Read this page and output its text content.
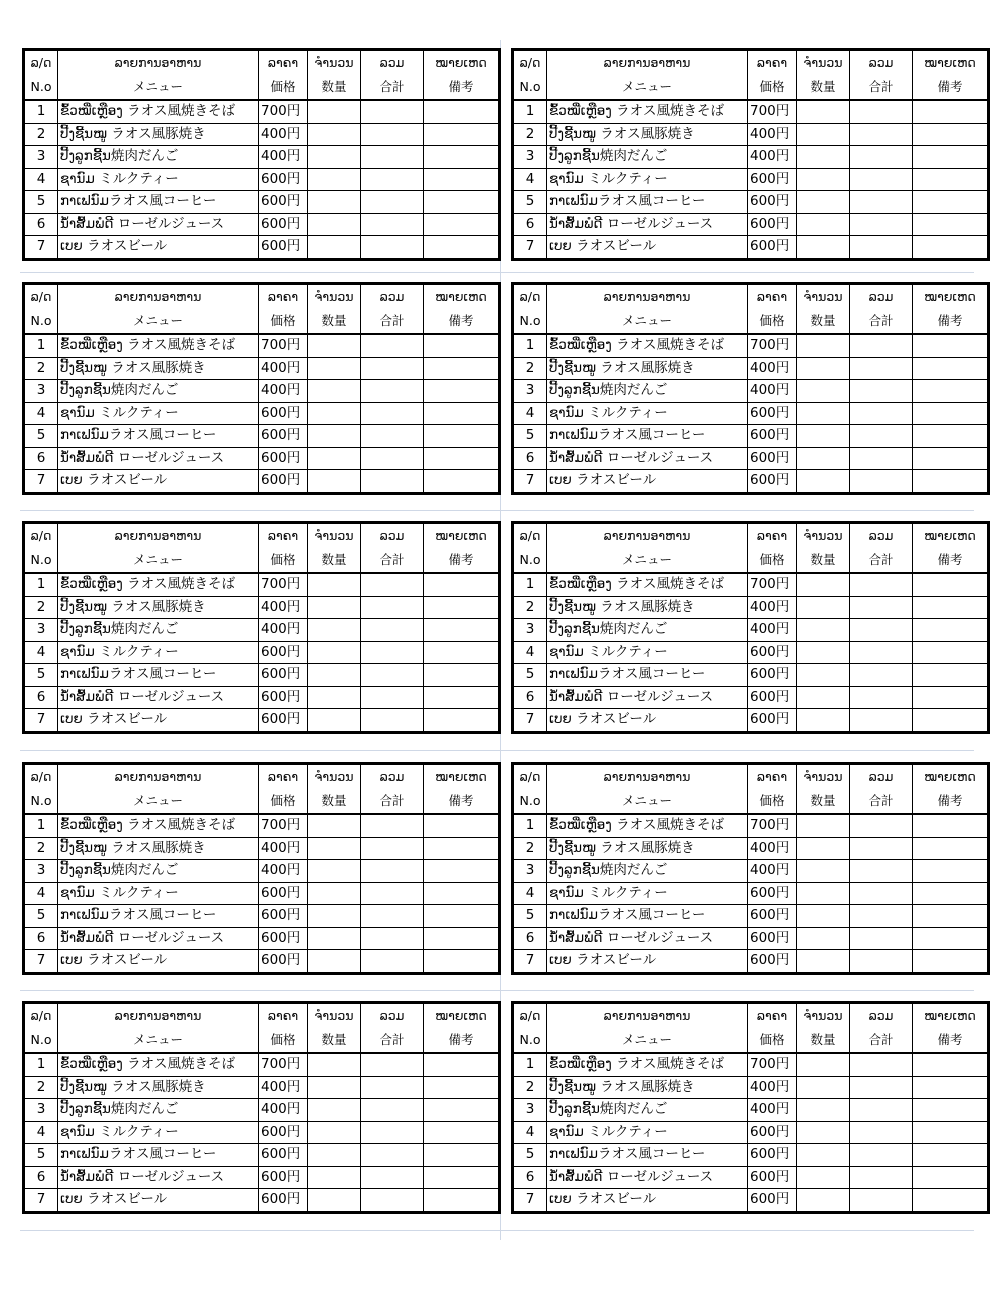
ລ/ດ	ລາຍການອາຫານ	ລາຄາ	ຈຳນວນ	ລວມ	ໝາຍເຫດ
N.o	メニュー	価格	数量	合計	備考
1	ຂົ້ວໝີ່ເຫຼືອງ ラオス風焼きそば	700円			
2	ປີ້ງຊີ້ນໝູ ラオス風豚焼き	400円			
3	ປີ້ງລູກຊີ້ນ焼肉だんご	400円			
4	ຊານົມ ミルクティー	600円			
5	ກາເຟນົມラオス風コーヒー	600円			
6	ນ້ຳສົ້ມພໍດີ ローゼルジュース	600円			
7	ເບຍ ラオスビール	600円			
ລ/ດ	ລາຍການອາຫານ	ລາຄາ	ຈຳນວນ	ລວມ	ໝາຍເຫດ
N.o	メニュー	価格	数量	合計	備考
1	ຂົ້ວໝີ່ເຫຼືອງ ラオス風焼きそば	700円			
2	ປີ້ງຊີ້ນໝູ ラオス風豚焼き	400円			
3	ປີ້ງລູກຊີ້ນ焼肉だんご	400円			
4	ຊານົມ ミルクティー	600円			
5	ກາເຟນົມラオス風コーヒー	600円			
6	ນ້ຳສົ້ມພໍດີ ローゼルジュース	600円			
7	ເບຍ ラオスビール	600円			
ລ/ດ	ລາຍການອາຫານ	ລາຄາ	ຈຳນວນ	ລວມ	ໝາຍເຫດ
N.o	メニュー	価格	数量	合計	備考
1	ຂົ້ວໝີ່ເຫຼືອງ ラオス風焼きそば	700円			
2	ປີ້ງຊີ້ນໝູ ラオス風豚焼き	400円			
3	ປີ້ງລູກຊີ້ນ焼肉だんご	400円			
4	ຊານົມ ミルクティー	600円			
5	ກາເຟນົມラオス風コーヒー	600円			
6	ນ້ຳສົ້ມພໍດີ ローゼルジュース	600円			
7	ເບຍ ラオスビール	600円			
ລ/ດ	ລາຍການອາຫານ	ລາຄາ	ຈຳນວນ	ລວມ	ໝາຍເຫດ
N.o	メニュー	価格	数量	合計	備考
1	ຂົ້ວໝີ່ເຫຼືອງ ラオス風焼きそば	700円			
2	ປີ້ງຊີ້ນໝູ ラオス風豚焼き	400円			
3	ປີ້ງລູກຊີ້ນ焼肉だんご	400円			
4	ຊານົມ ミルクティー	600円			
5	ກາເຟນົມラオス風コーヒー	600円			
6	ນ້ຳສົ້ມພໍດີ ローゼルジュース	600円			
7	ເບຍ ラオスビール	600円			
ລ/ດ	ລາຍການອາຫານ	ລາຄາ	ຈຳນວນ	ລວມ	ໝາຍເຫດ
N.o	メニュー	価格	数量	合計	備考
1	ຂົ້ວໝີ່ເຫຼືອງ ラオス風焼きそば	700円			
2	ປີ້ງຊີ້ນໝູ ラオス風豚焼き	400円			
3	ປີ້ງລູກຊີ້ນ焼肉だんご	400円			
4	ຊານົມ ミルクティー	600円			
5	ກາເຟນົມラオス風コーヒー	600円			
6	ນ້ຳສົ້ມພໍດີ ローゼルジュース	600円			
7	ເບຍ ラオスビール	600円			
ລ/ດ	ລາຍການອາຫານ	ລາຄາ	ຈຳນວນ	ລວມ	ໝາຍເຫດ
N.o	メニュー	価格	数量	合計	備考
1	ຂົ້ວໝີ່ເຫຼືອງ ラオス風焼きそば	700円			
2	ປີ້ງຊີ້ນໝູ ラオス風豚焼き	400円			
3	ປີ້ງລູກຊີ້ນ焼肉だんご	400円			
4	ຊານົມ ミルクティー	600円			
5	ກາເຟນົມラオス風コーヒー	600円			
6	ນ້ຳສົ້ມພໍດີ ローゼルジュース	600円			
7	ເບຍ ラオスビール	600円			
ລ/ດ	ລາຍການອາຫານ	ລາຄາ	ຈຳນວນ	ລວມ	ໝາຍເຫດ
N.o	メニュー	価格	数量	合計	備考
1	ຂົ້ວໝີ່ເຫຼືອງ ラオス風焼きそば	700円			
2	ປີ້ງຊີ້ນໝູ ラオス風豚焼き	400円			
3	ປີ້ງລູກຊີ້ນ焼肉だんご	400円			
4	ຊານົມ ミルクティー	600円			
5	ກາເຟນົມラオス風コーヒー	600円			
6	ນ້ຳສົ້ມພໍດີ ローゼルジュース	600円			
7	ເບຍ ラオスビール	600円			
ລ/ດ	ລາຍການອາຫານ	ລາຄາ	ຈຳນວນ	ລວມ	ໝາຍເຫດ
N.o	メニュー	価格	数量	合計	備考
1	ຂົ້ວໝີ່ເຫຼືອງ ラオス風焼きそば	700円			
2	ປີ້ງຊີ້ນໝູ ラオス風豚焼き	400円			
3	ປີ້ງລູກຊີ້ນ焼肉だんご	400円			
4	ຊານົມ ミルクティー	600円			
5	ກາເຟນົມラオス風コーヒー	600円			
6	ນ້ຳສົ້ມພໍດີ ローゼルジュース	600円			
7	ເບຍ ラオスビール	600円			
ລ/ດ	ລາຍການອາຫານ	ລາຄາ	ຈຳນວນ	ລວມ	ໝາຍເຫດ
N.o	メニュー	価格	数量	合計	備考
1	ຂົ້ວໝີ່ເຫຼືອງ ラオス風焼きそば	700円			
2	ປີ້ງຊີ້ນໝູ ラオス風豚焼き	400円			
3	ປີ້ງລູກຊີ້ນ焼肉だんご	400円			
4	ຊານົມ ミルクティー	600円			
5	ກາເຟນົມラオス風コーヒー	600円			
6	ນ້ຳສົ້ມພໍດີ ローゼルジュース	600円			
7	ເບຍ ラオスビール	600円			
ລ/ດ	ລາຍການອາຫານ	ລາຄາ	ຈຳນວນ	ລວມ	ໝາຍເຫດ
N.o	メニュー	価格	数量	合計	備考
1	ຂົ້ວໝີ່ເຫຼືອງ ラオス風焼きそば	700円			
2	ປີ້ງຊີ້ນໝູ ラオス風豚焼き	400円			
3	ປີ້ງລູກຊີ້ນ焼肉だんご	400円			
4	ຊານົມ ミルクティー	600円			
5	ກາເຟນົມラオス風コーヒー	600円			
6	ນ້ຳສົ້ມພໍດີ ローゼルジュース	600円			
7	ເບຍ ラオスビール	600円			
